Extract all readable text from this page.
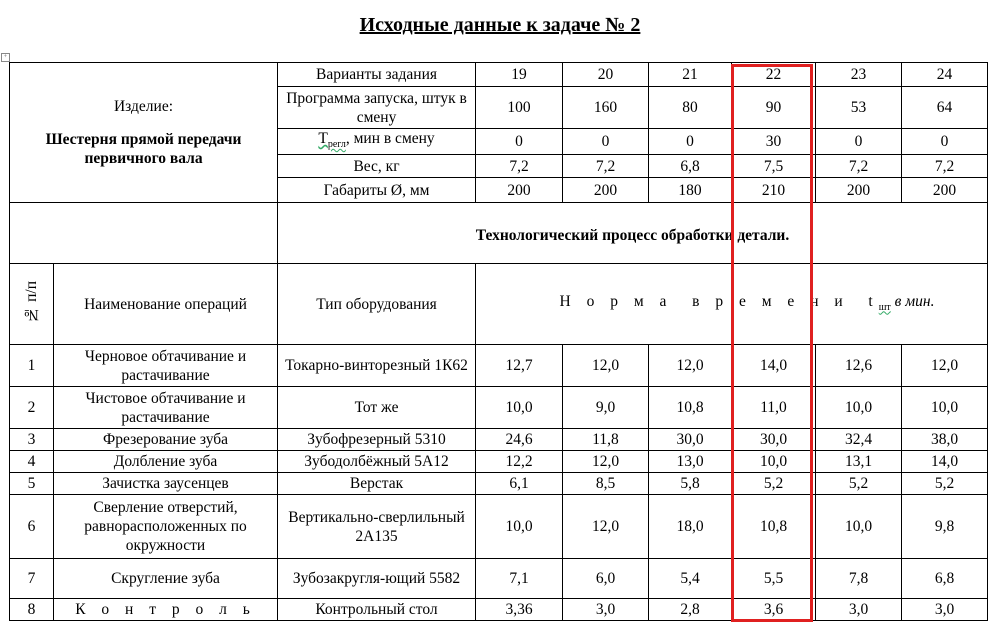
Исходные данные к задаче № 2
+
Изделие:
Шестерня прямой передачи первичного вала		Варианты задания	19	20	21	22	23	24
		Программа запуска, штук в смену	100	160	80	90	53	64
		$Т_{регл}$, мин в смену	0	0	0	30	0	0
		Вес, кг	7,2	7,2	6,8	7,5	7,2	7,2
		Габариты Ø, мм	200	200	180	210	200	200
		Технологический процесс обработки детали.						
№ п/п	Наименование операций	Тип оборудования	Н о р м а  в р е м е н и  $t_{шт}$ в мин.					

1	Черновое обтачивание и растачивание	Токарно-винторезный 1К62	12,7	12,0	12,0	14,0	12,6	12,0
2	Чистовое обтачивание и растачивание	Тот же	10,0	9,0	10,8	11,0	10,0	10,0
3	Фрезерование зуба	Зубофрезерный 5310	24,6	11,8	30,0	30,0	32,4	38,0
4	Долбление зуба	Зубодолбёжный 5А12	12,2	12,0	13,0	10,0	13,1	14,0
5	Зачистка заусенцев	Верстак	6,1	8,5	5,8	5,2	5,2	5,2
6	Сверление отверстий, равнорасположенных по окружности	Вертикально-сверлильный 2А135	10,0	12,0	18,0	10,8	10,0	9,8
7	Скругление зуба	Зубозакругля-ющий 5582	7,1	6,0	5,4	5,5	7,8	6,8
8	К о н т р о л ь	Контрольный стол	3,36	3,0	2,8	3,6	3,0	3,0
